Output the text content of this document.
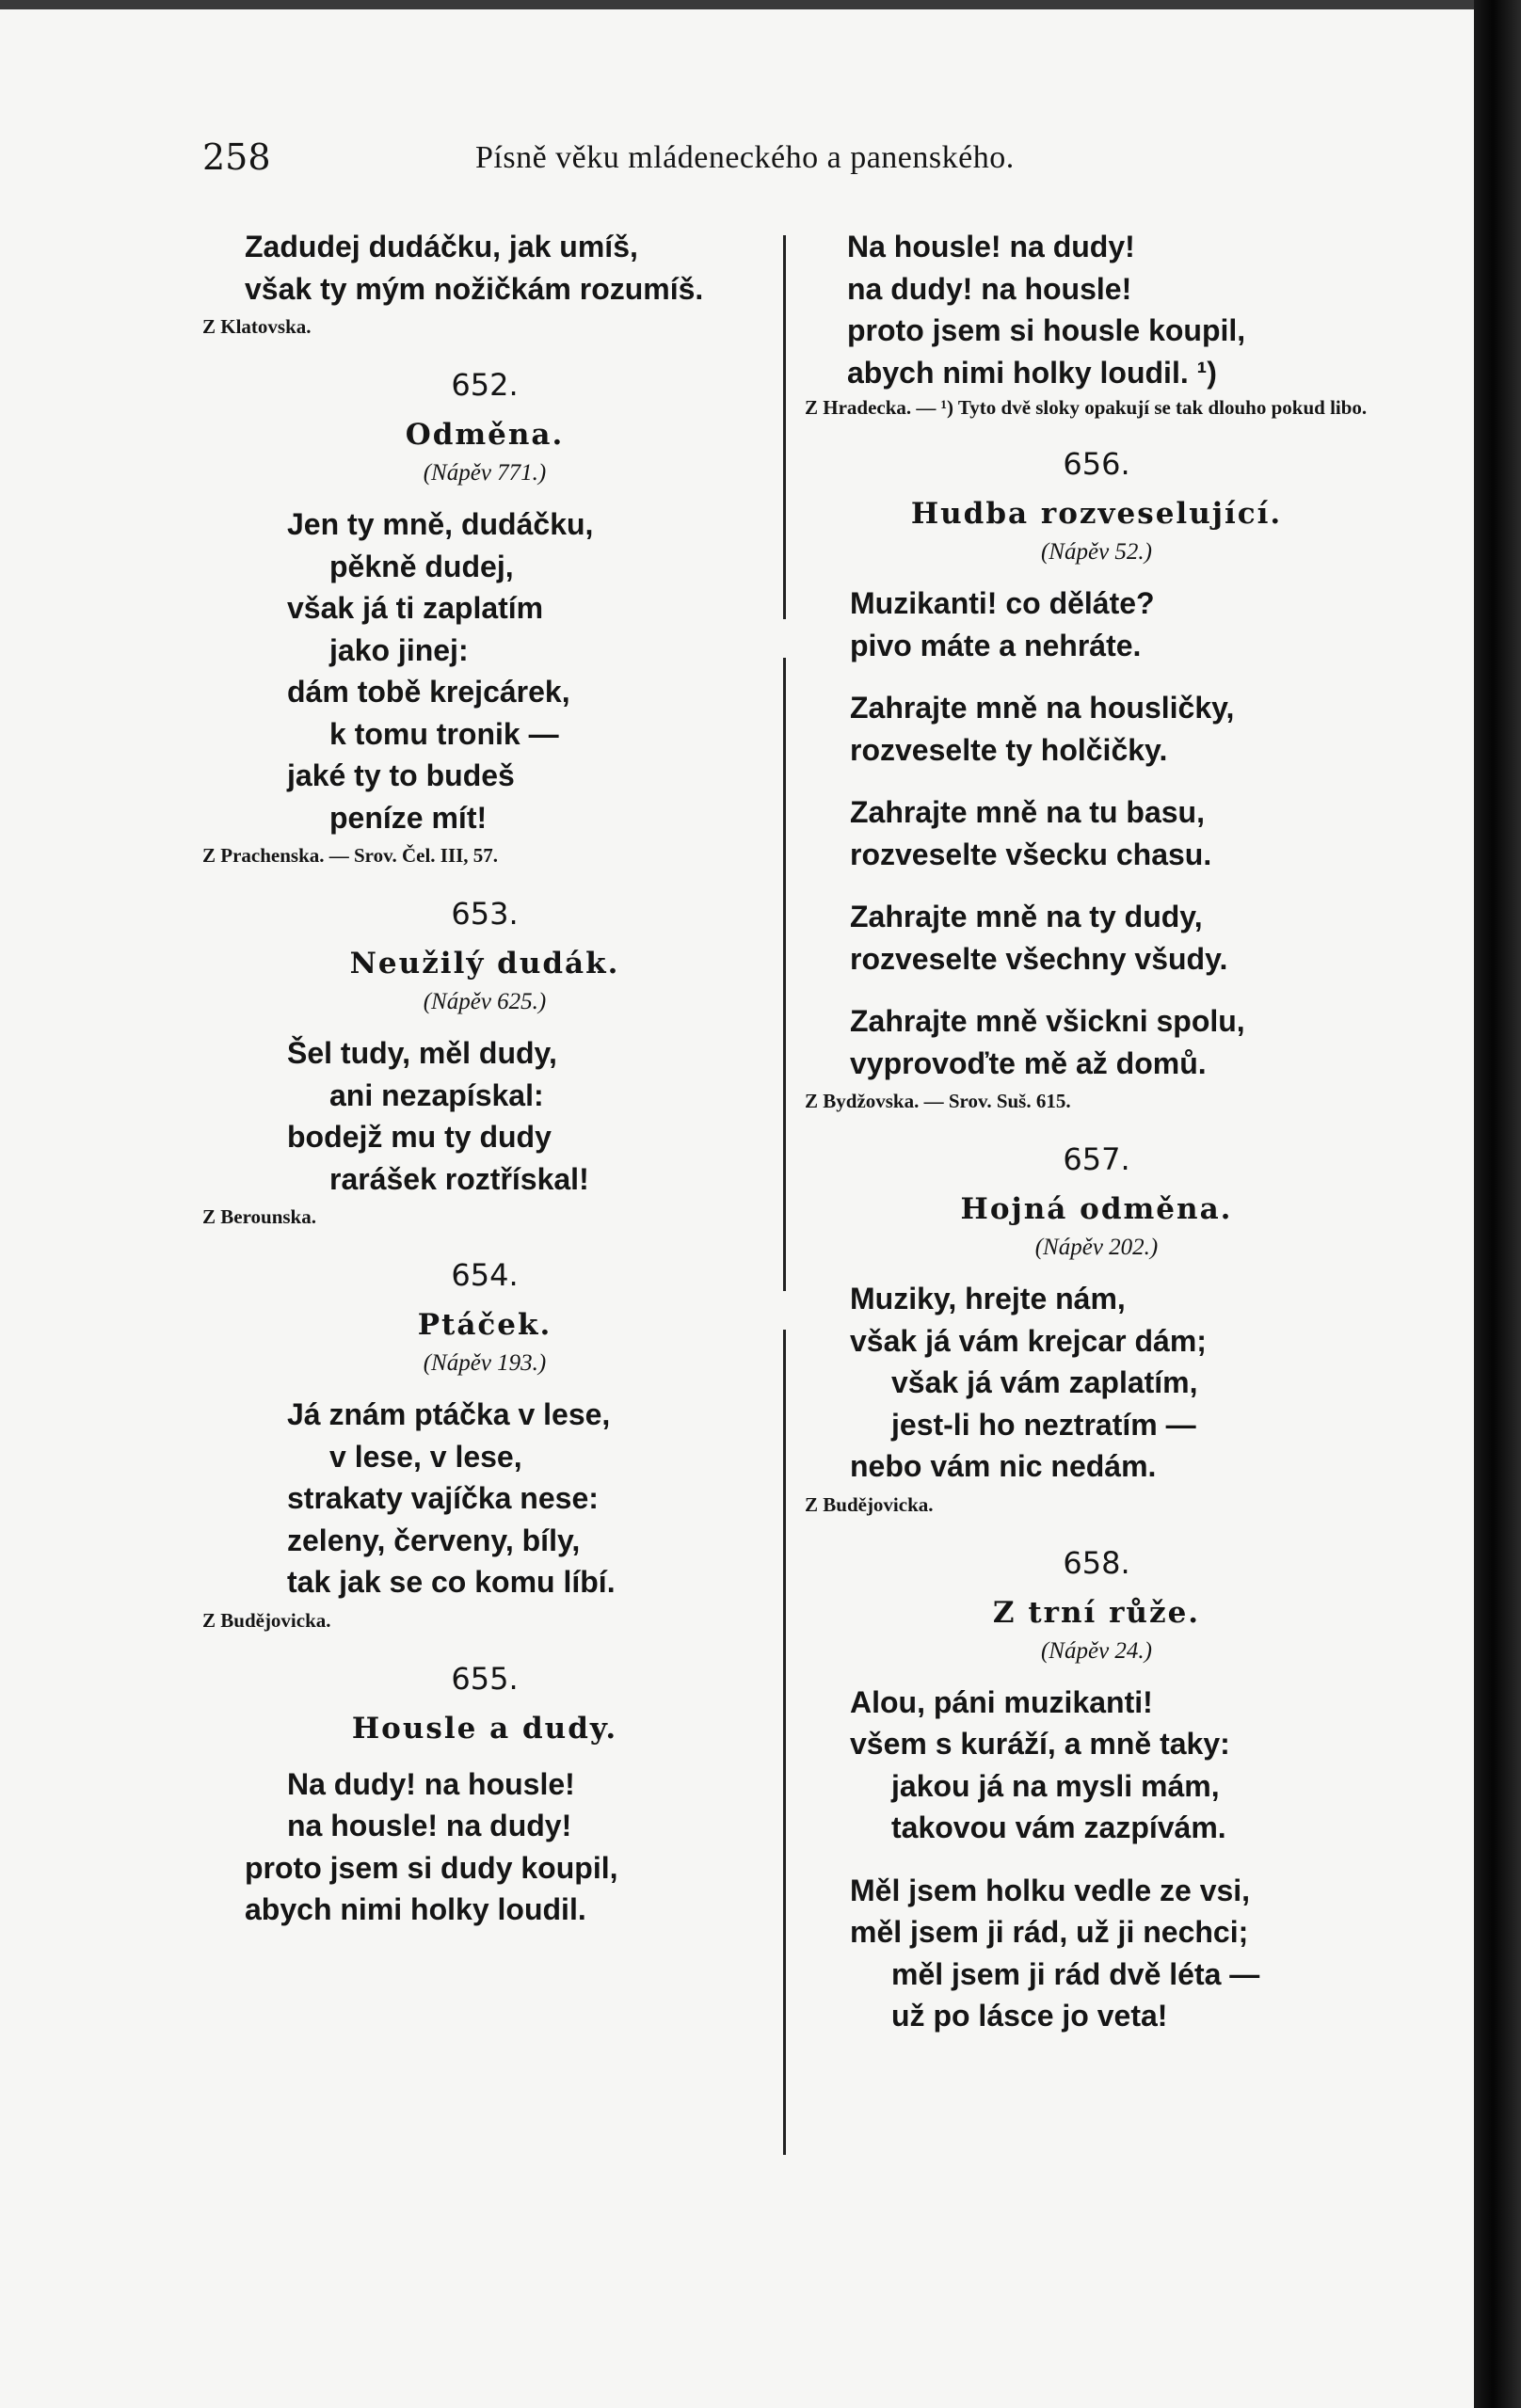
258	Písně věku mládeneckého a panenského.
Zadudej dudáčku, jak umíš,
však ty mým nožičkám rozumíš.
Z Klatovska.
652.
Odměna.
(Nápěv 771.)
Jen ty mně, dudáčku,
pěkně dudej,
však já ti zaplatím
jako jinej:
dám tobě krejcárek,
k tomu tronik —
jaké ty to budeš
peníze mít!
Z Prachenska. — Srov. Čel. III, 57.
653.
Neužilý dudák.
(Nápěv 625.)
Šel tudy, měl dudy,
ani nezapískal:
bodejž mu ty dudy
rarášek roztřískal!
Z Berounska.
654.
Ptáček.
(Nápěv 193.)
Já znám ptáčka v lese,
v lese, v lese,
strakaty vajíčka nese:
zeleny, červeny, bíly,
tak jak se co komu líbí.
Z Budějovicka.
655.
Housle a dudy.
Na dudy! na housle!
na housle! na dudy!
proto jsem si dudy koupil,
abych nimi holky loudil.
Na housle! na dudy!
na dudy! na housle!
proto jsem si housle koupil,
abych nimi holky loudil. ¹)
Z Hradecka. — ¹) Tyto dvě sloky opakují se tak dlouho pokud libo.
656.
Hudba rozveselující.
(Nápěv 52.)
Muzikanti! co děláte?
pivo máte a nehráte.
Zahrajte mně na housličky,
rozveselte ty holčičky.
Zahrajte mně na tu basu,
rozveselte všecku chasu.
Zahrajte mně na ty dudy,
rozveselte všechny všudy.
Zahrajte mně všickni spolu,
vyprovoďte mě až domů.
Z Bydžovska. — Srov. Suš. 615.
657.
Hojná odměna.
(Nápěv 202.)
Muziky, hrejte nám,
však já vám krejcar dám;
však já vám zaplatím,
jest-li ho neztratím —
nebo vám nic nedám.
Z Budějovicka.
658.
Z trní růže.
(Nápěv 24.)
Alou, páni muzikanti!
všem s kuráží, a mně taky:
jakou já na mysli mám,
takovou vám zazpívám.
Měl jsem holku vedle ze vsi,
měl jsem ji rád, už ji nechci;
měl jsem ji rád dvě léta —
už po lásce jo veta!
